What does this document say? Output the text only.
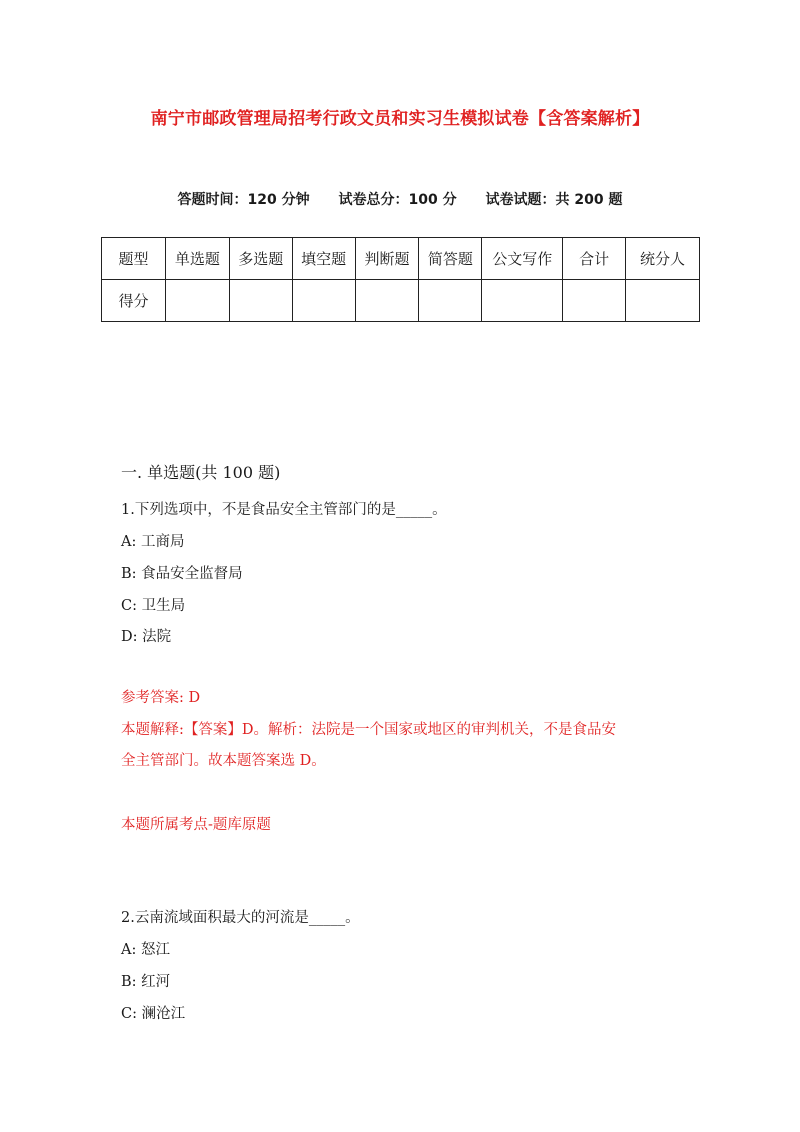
南宁市邮政管理局招考行政文员和实习生模拟试卷【含答案解析】
答题时间：120 分钟 试卷总分：100 分 试卷试题：共 200 题
题型	单选题	多选题	填空题	判断题	简答题	公文写作	合计	统分人
得分								
一. 单选题(共 100 题)
1.下列选项中，不是食品安全主管部门的是_____。
A: 工商局
B: 食品安全监督局
C: 卫生局
D: 法院
参考答案: D
本题解释:【答案】D。解析：法院是一个国家或地区的审判机关，不是食品安
全主管部门。故本题答案选 D。
本题所属考点-题库原题
2.云南流域面积最大的河流是_____。
A: 怒江
B: 红河
C: 澜沧江
